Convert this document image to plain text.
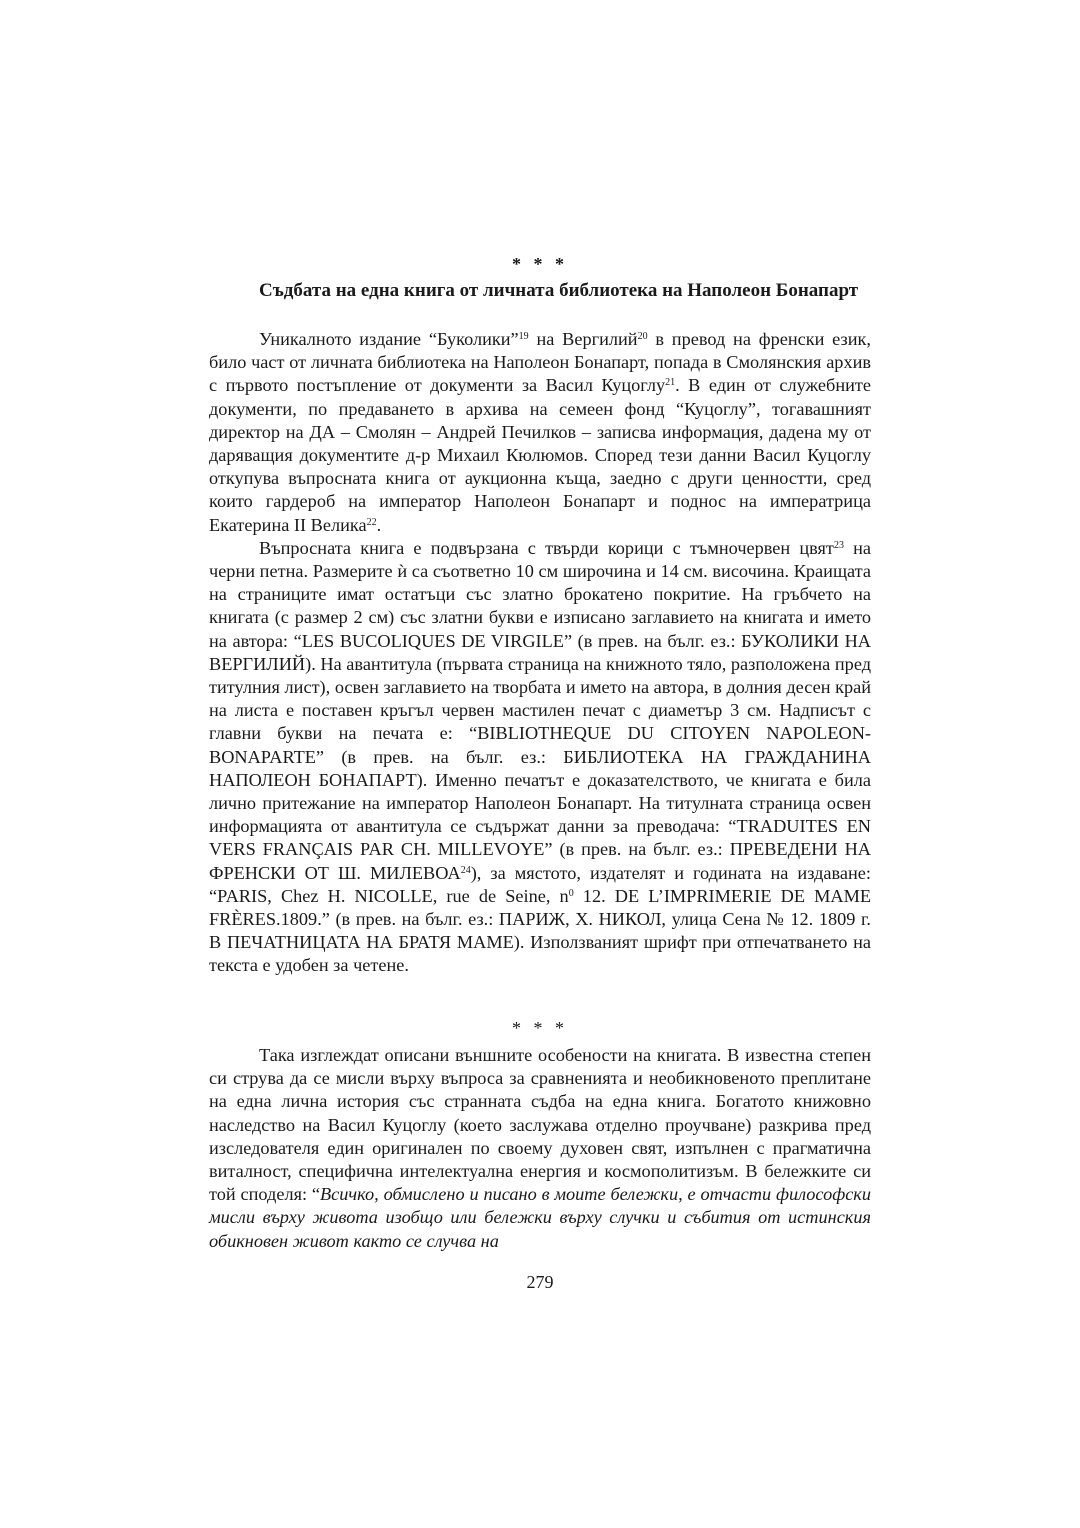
* * *
Съдбата на една книга от личната библиотека на Наполеон Бонапарт

Уникалното издание “Буколики”$^{19}$ на Вергилий$^{20}$ в превод на френски език, било част от личната библиотека на Наполеон Бонапарт, попада в Смолянския архив с първото постъпление от документи за Васил Куцоглу$^{21}$. В един от служебните документи, по предаването в архива на семеен фонд “Куцоглу”, тогавашният директор на ДА – Смолян – Андрей Печилков – записва информация, дадена му от даряващия документите д-р Михаил Кюлюмов. Според тези данни Васил Куцоглу откупува въпросната книга от аукционна къща, заедно с други ценностти, сред които гардероб на император Наполеон Бонапарт и поднос на императрица Екатерина II Велика$^{22}$.

Въпросната книга е подвързана с твърди корици с тъмночервен цвят$^{23}$ на черни петна. Размерите ѝ са съответно 10 см широчина и 14 см. височина. Краищата на страниците имат остатъци със златно брокатено покритие. На гръбчето на книгата (с размер 2 см) със златни букви е изписано заглавието на книгата и името на автора: “LES BUCOLIQUES DE VIRGILE” (в прев. на бълг. ез.: БУКОЛИКИ НА ВЕРГИЛИЙ). На авантитула (първата страница на книжното тяло, разположена пред титулния лист), освен заглавието на творбата и името на автора, в долния десен край на листа е поставен кръгъл червен мастилен печат с диаметър 3 см. Надписът с главни букви на печата е: “BIBLIOTHEQUE DU CITOYEN NAPOLEON-BONAPARTE” (в прев. на бълг. ез.: БИБЛИОТЕКА НА ГРАЖДАНИНА НАПОЛЕОН БОНАПАРТ). Именно печатът е доказателството, че книгата е била лично притежание на император Наполеон Бонапарт. На титулната страница освен информацията от авантитула се съдържат данни за преводача: “TRADUITES EN VERS FRANÇAIS PAR CH. MILLEVOYE” (в прев. на бълг. ез.: ПРЕВЕДЕНИ НА ФРЕНСКИ ОТ Ш. МИЛЕВОА$^{24}$), за мястото, издателят и годината на издаване: “PARIS, Chez H. NICOLLE, rue de Seine, $n^0$ 12. DE L’IMPRIMERIE DE MAME FRÈRES.1809.” (в прев. на бълг. ез.: ПАРИЖ, Х. НИКОЛ, улица Сена № 12. 1809 г. В ПЕЧАТНИЦАТА НА БРАТЯ МАМЕ). Използваният шрифт при отпечатването на текста е удобен за четене.

* * *

Така изглеждат описани външните особености на книгата. В известна степен си струва да се мисли върху въпроса за сравненията и необикновеното преплитане на една лична история със странната съдба на една книга. Богатото книжовно наследство на Васил Куцоглу (което заслужава отделно проучване) разкрива пред изследователя един оригинален по своему духовен свят, изпълнен с прагматична виталност, специфична интелектуална енергия и космополитизъм. В бележките си той споделя: “Всичко, обмислено и писано в моите бележки, е отчасти философски мисли върху живота изобщо или бележки върху случки и събития от истинския обикновен живот както се случва на

279
